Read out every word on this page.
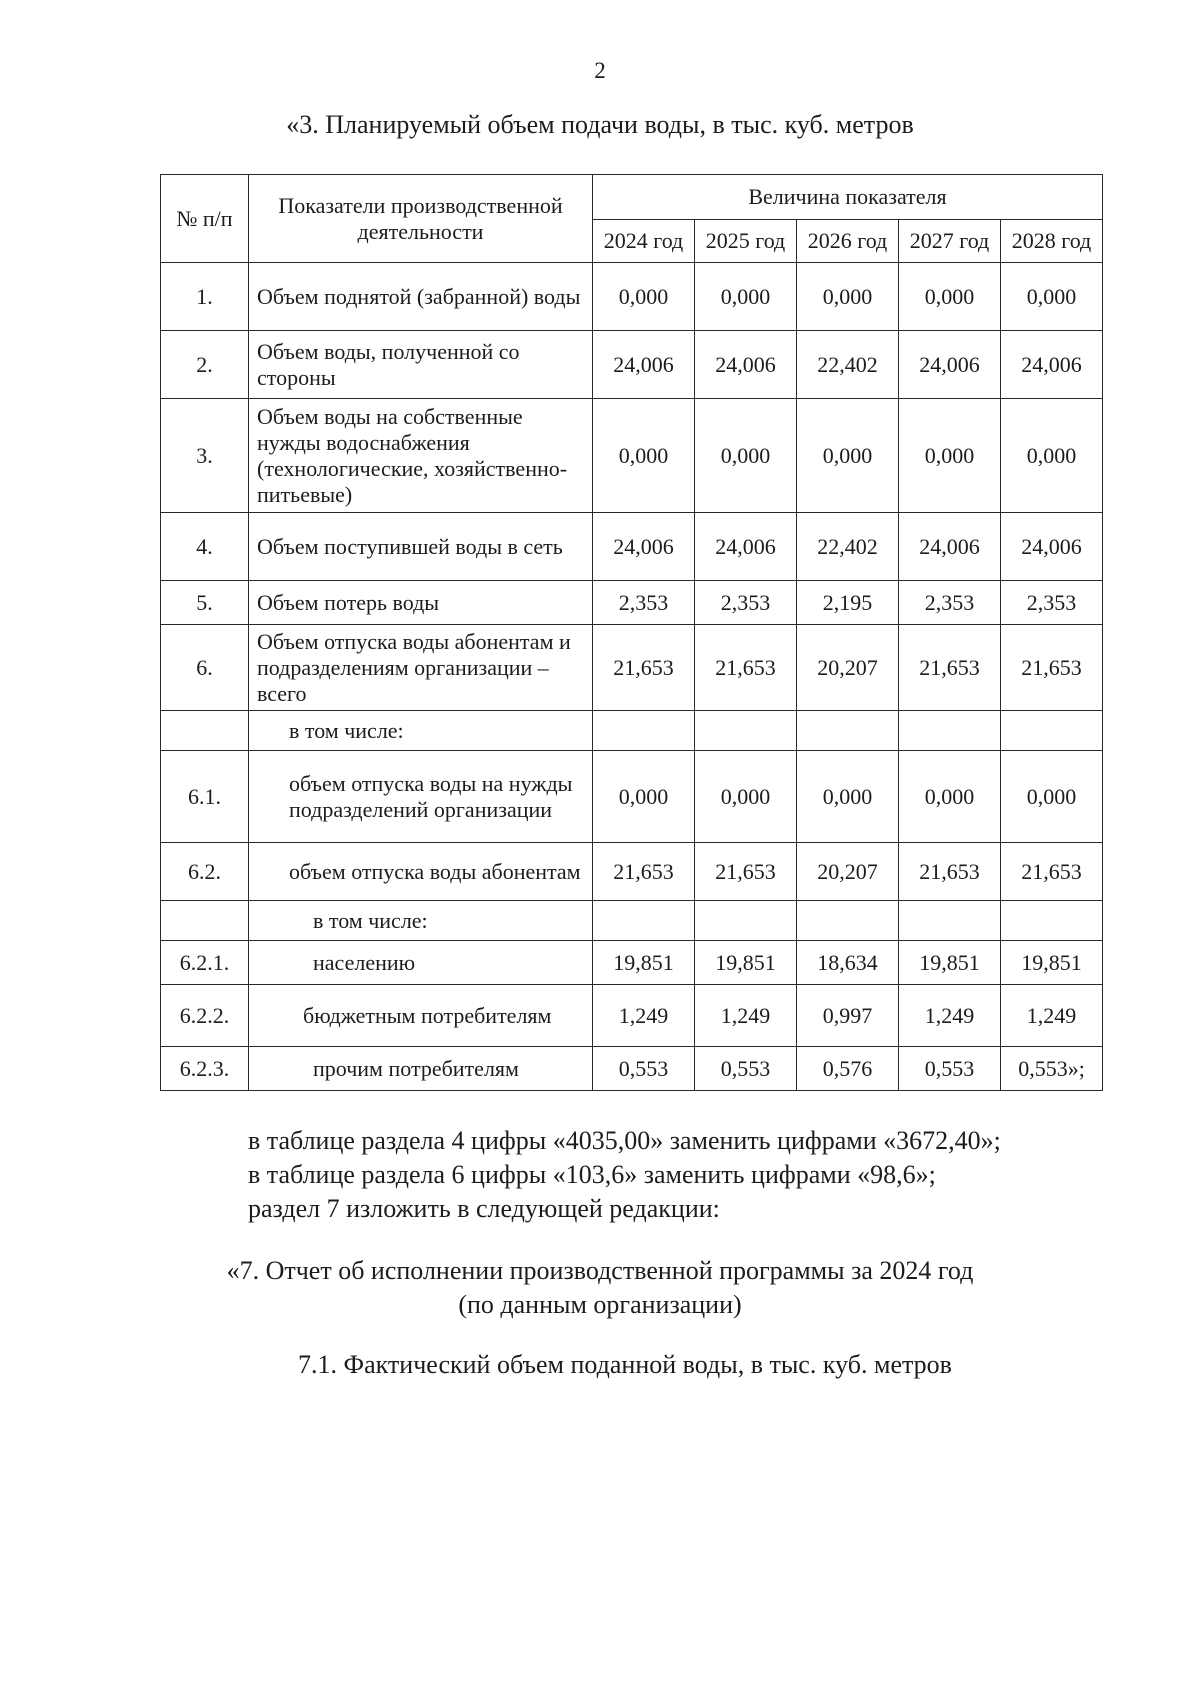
2
«3. Планируемый объем подачи воды, в тыс. куб. метров
№ п/п	Показатели производственной деятельности	Величина показателя				
		2024 год	2025 год	2026 год	2027 год	2028 год
1.	Объем поднятой (забранной) воды	0,000	0,000	0,000	0,000	0,000
2.	Объем воды, полученной со стороны	24,006	24,006	22,402	24,006	24,006
3.	Объем воды на собственные нужды водоснабжения (технологические, хозяйственно-питьевые)	0,000	0,000	0,000	0,000	0,000
4.	Объем поступившей воды в сеть	24,006	24,006	22,402	24,006	24,006
5.	Объем потерь воды	2,353	2,353	2,195	2,353	2,353
6.	Объем отпуска воды абонентам и подразделениям организации – всего	21,653	21,653	20,207	21,653	21,653
	в том числе:					
6.1.	объем отпуска воды на нужды подразделений организации	0,000	0,000	0,000	0,000	0,000
6.2.	объем отпуска воды абонентам	21,653	21,653	20,207	21,653	21,653
	в том числе:					
6.2.1.	населению	19,851	19,851	18,634	19,851	19,851
6.2.2.	бюджетным потребителям	1,249	1,249	0,997	1,249	1,249
6.2.3.	прочим потребителям	0,553	0,553	0,576	0,553	0,553»;
в таблице раздела 4 цифры «4035,00» заменить цифрами «3672,40»;
в таблице раздела 6 цифры «103,6» заменить цифрами «98,6»;
раздел 7 изложить в следующей редакции:
«7. Отчет об исполнении производственной программы за 2024 год
(по данным организации)
7.1. Фактический объем поданной воды, в тыс. куб. метров
